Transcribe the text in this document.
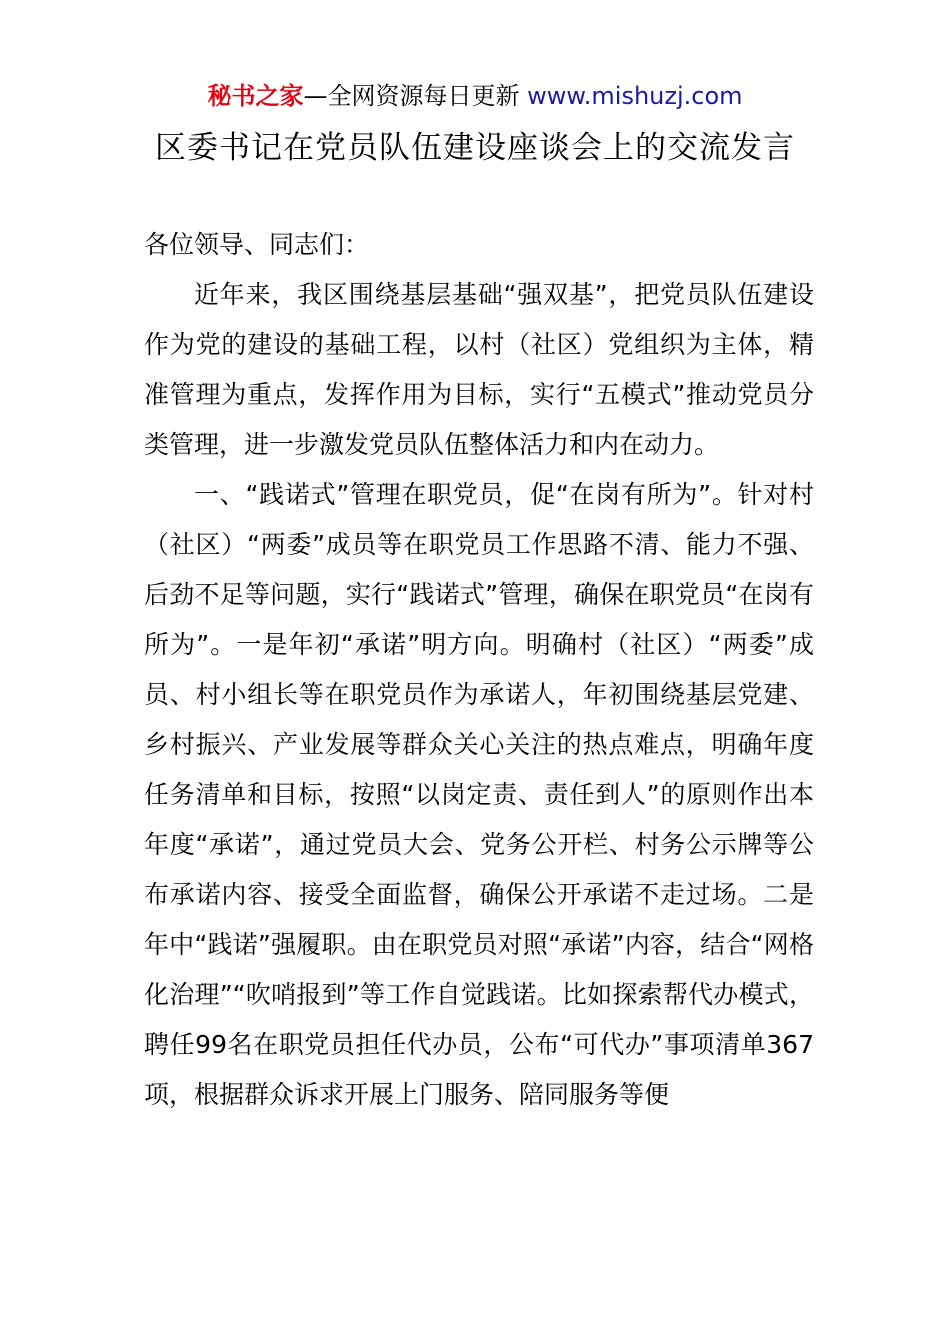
秘书之家—全网资源每日更新 www.mishuzj.com
区委书记在党员队伍建设座谈会上的交流发言

各位领导、同志们：

近年来，我区围绕基层基础“强双基”，把党员队伍建设作为党的建设的基础工程，以村（社区）党组织为主体，精准管理为重点，发挥作用为目标，实行“五模式”推动党员分类管理，进一步激发党员队伍整体活力和内在动力。

一、“践诺式”管理在职党员，促“在岗有所为”。针对村（社区）“两委”成员等在职党员工作思路不清、能力不强、后劲不足等问题，实行“践诺式”管理，确保在职党员“在岗有所为”。一是年初“承诺”明方向。明确村（社区）“两委”成员、村小组长等在职党员作为承诺人，年初围绕基层党建、乡村振兴、产业发展等群众关心关注的热点难点，明确年度任务清单和目标，按照“以岗定责、责任到人”的原则作出本年度“承诺”，通过党员大会、党务公开栏、村务公示牌等公布承诺内容、接受全面监督，确保公开承诺不走过场。二是年中“践诺”强履职。由在职党员对照“承诺”内容，结合“网格化治理”“吹哨报到”等工作自觉践诺。比如探索帮代办模式，聘任99名在职党员担任代办员，公布“可代办”事项清单367项，根据群众诉求开展上门服务、陪同服务等便
